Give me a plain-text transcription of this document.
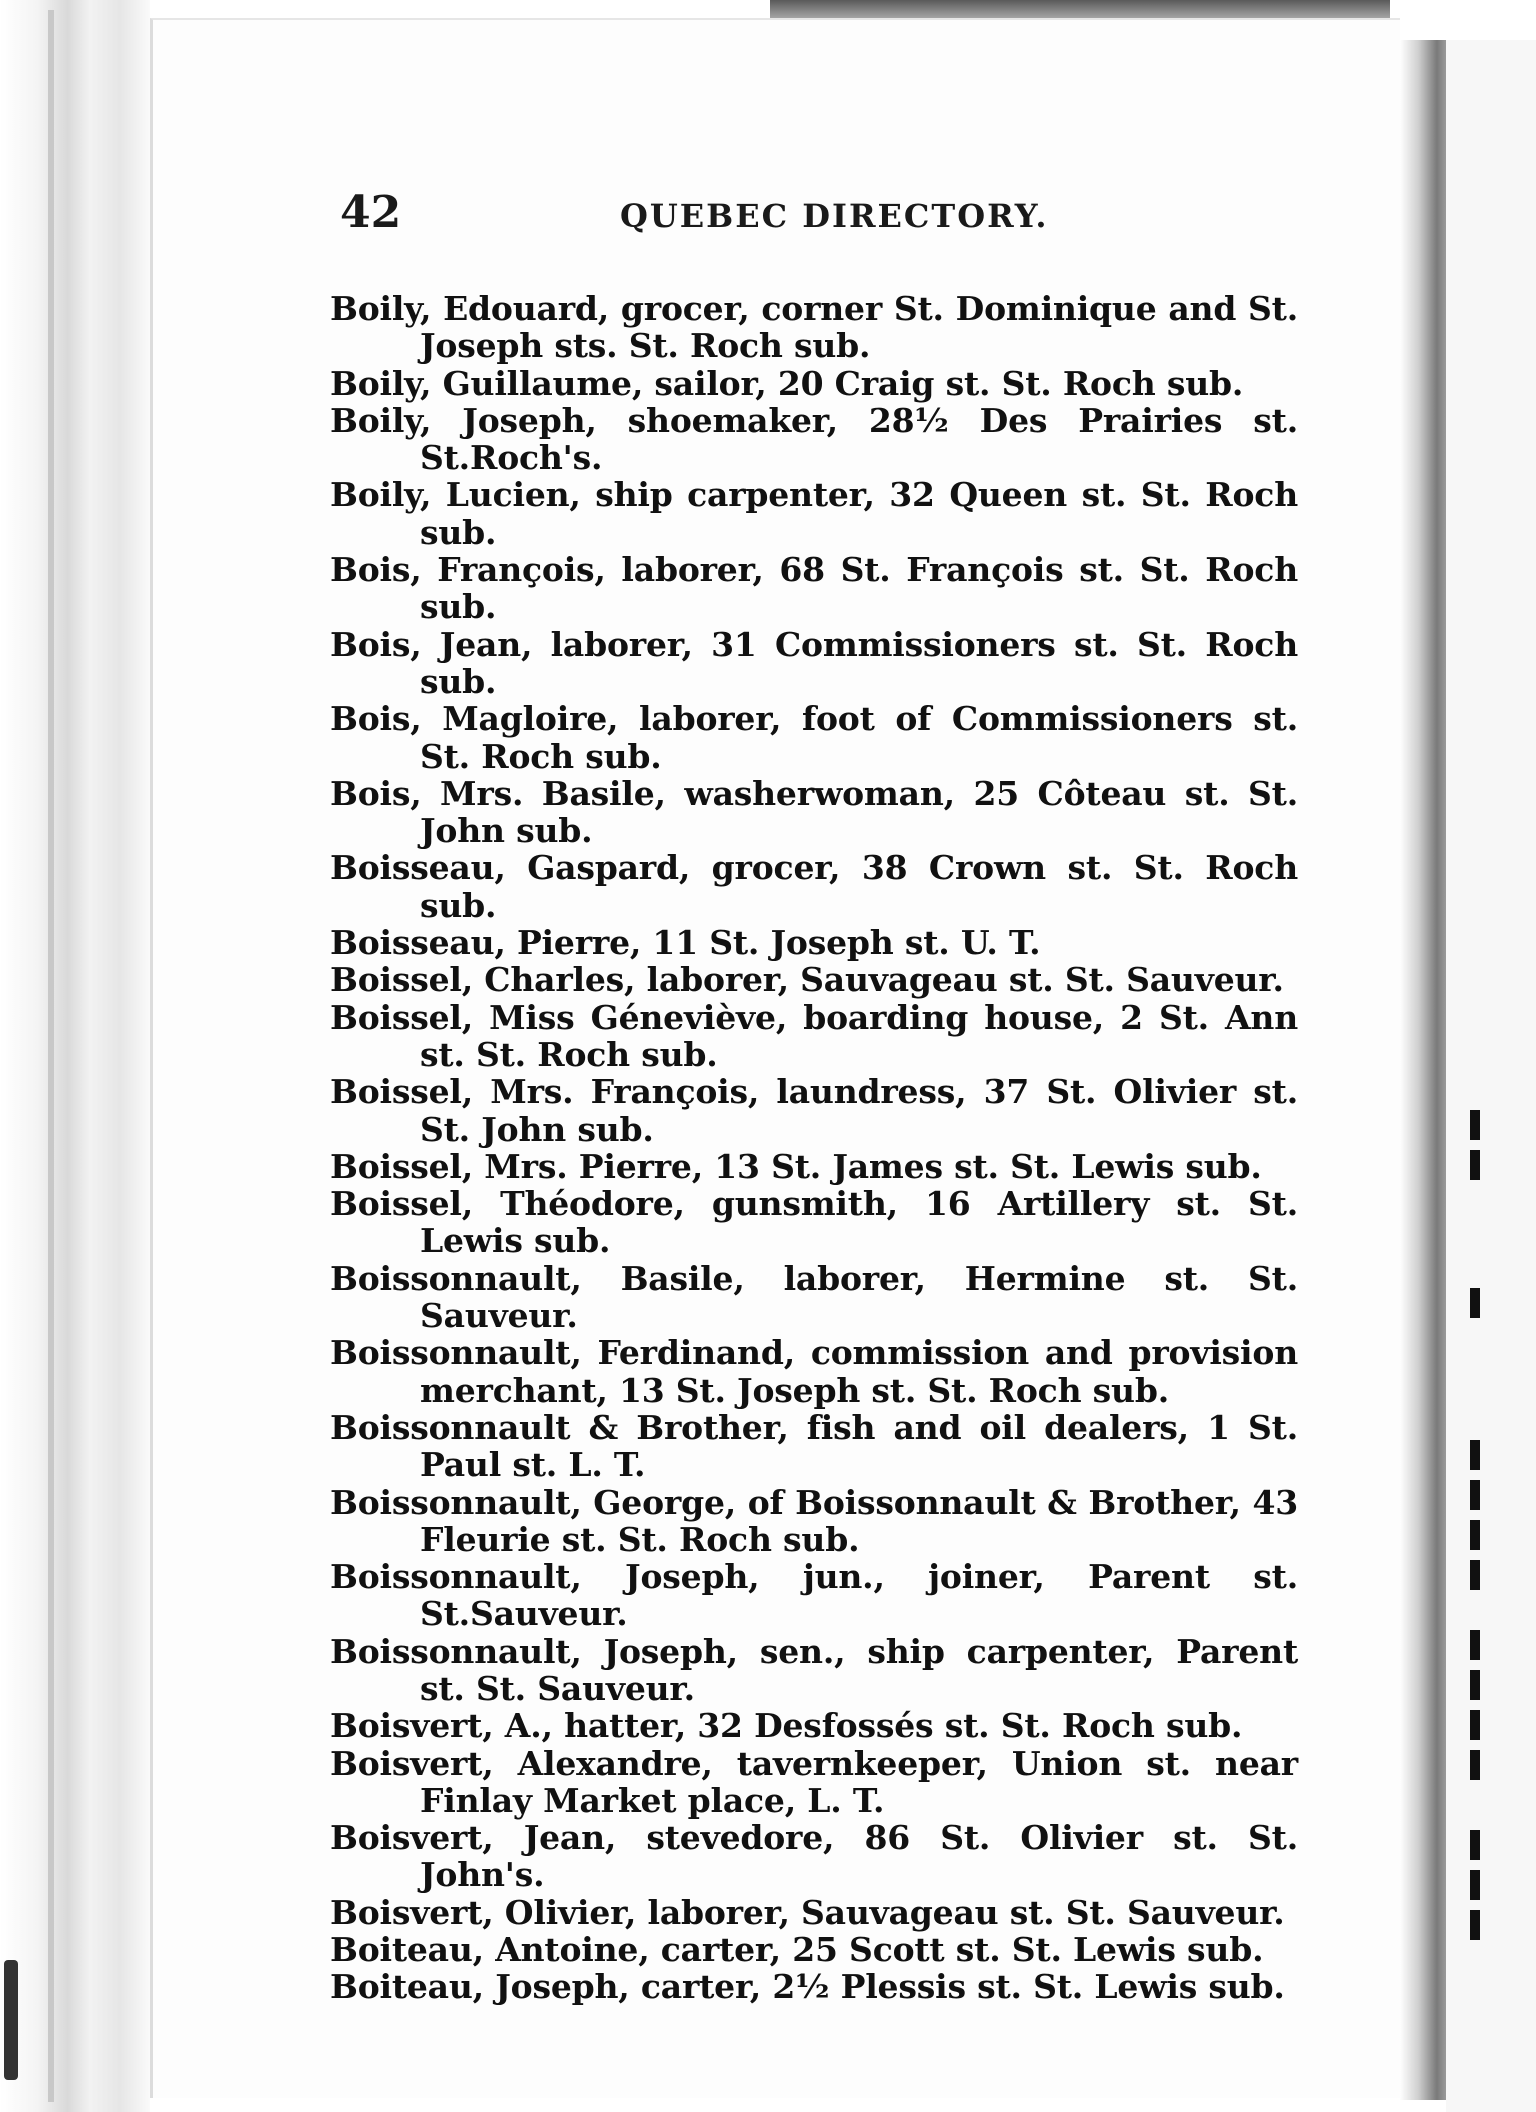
42	QUEBEC DIRECTORY.
Boily, Edouard, grocer, corner St. Dominique and St. Joseph sts. St. Roch sub.
Boily, Guillaume, sailor, 20 Craig st. St. Roch sub.
Boily, Joseph, shoemaker, 28½ Des Prairies st. St.Roch's.
Boily, Lucien, ship carpenter, 32 Queen st. St. Roch sub.
Bois, François, laborer, 68 St. François st. St. Roch sub.
Bois, Jean, laborer, 31 Commissioners st. St. Roch sub.
Bois, Magloire, laborer, foot of Commissioners st. St. Roch sub.
Bois, Mrs. Basile, washerwoman, 25 Côteau st. St. John sub.
Boisseau, Gaspard, grocer, 38 Crown st. St. Roch sub.
Boisseau, Pierre, 11 St. Joseph st. U. T.
Boissel, Charles, laborer, Sauvageau st. St. Sauveur.
Boissel, Miss Géneviève, boarding house, 2 St. Ann st. St. Roch sub.
Boissel, Mrs. François, laundress, 37 St. Olivier st. St. John sub.
Boissel, Mrs. Pierre, 13 St. James st. St. Lewis sub.
Boissel, Théodore, gunsmith, 16 Artillery st. St. Lewis sub.
Boissonnault, Basile, laborer, Hermine st. St. Sauveur.
Boissonnault, Ferdinand, commission and provision merchant, 13 St. Joseph st. St. Roch sub.
Boissonnault & Brother, fish and oil dealers, 1 St. Paul st. L. T.
Boissonnault, George, of Boissonnault & Brother, 43 Fleurie st. St. Roch sub.
Boissonnault, Joseph, jun., joiner, Parent st. St.Sauveur.
Boissonnault, Joseph, sen., ship carpenter, Parent st. St. Sauveur.
Boisvert, A., hatter, 32 Desfossés st. St. Roch sub.
Boisvert, Alexandre, tavernkeeper, Union st. near Finlay Market place, L. T.
Boisvert, Jean, stevedore, 86 St. Olivier st. St. John's.
Boisvert, Olivier, laborer, Sauvageau st. St. Sauveur.
Boiteau, Antoine, carter, 25 Scott st. St. Lewis sub.
Boiteau, Joseph, carter, 2½ Plessis st. St. Lewis sub.
